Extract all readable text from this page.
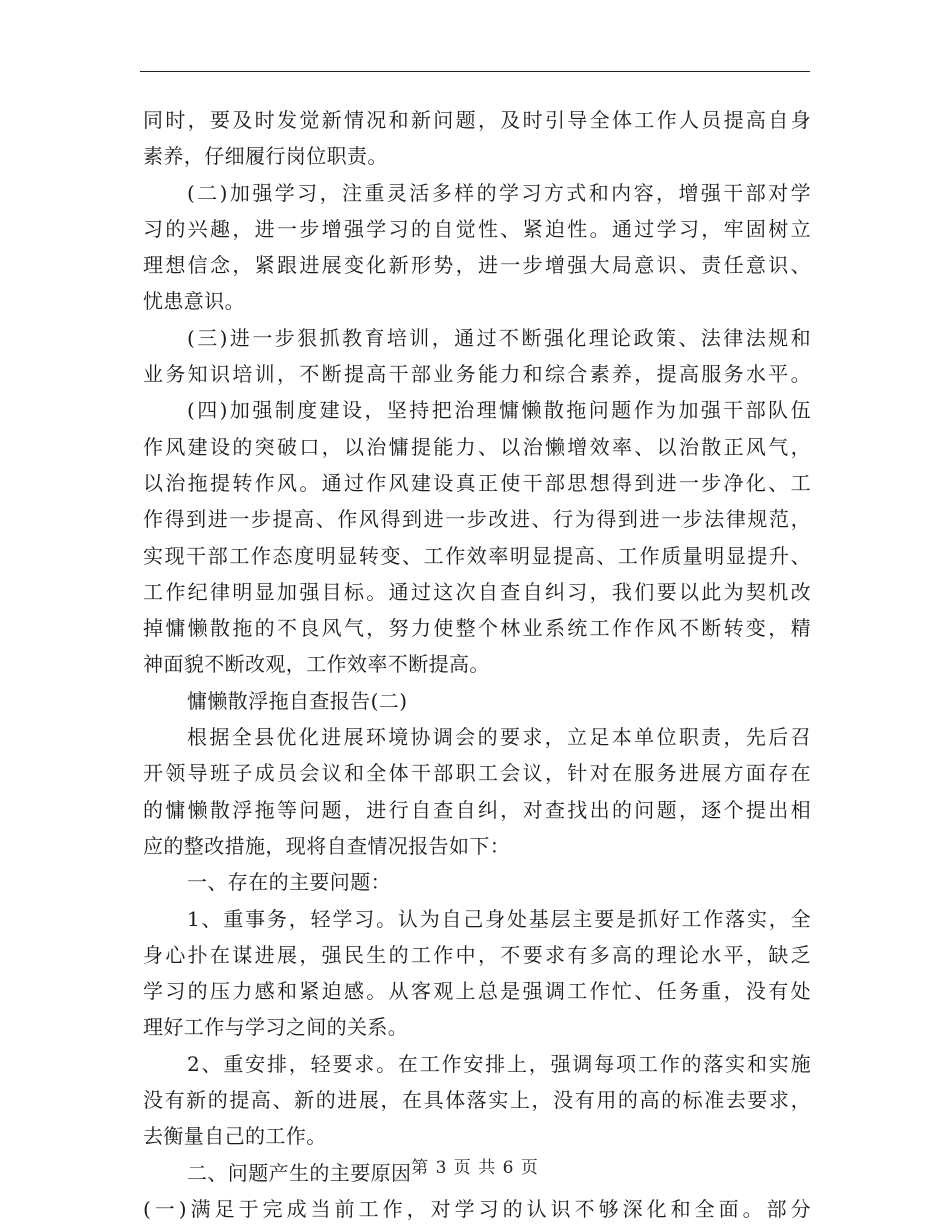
同时，要及时发觉新情况和新问题，及时引导全体工作人员提高自身
素养，仔细履行岗位职责。
(二)加强学习，注重灵活多样的学习方式和内容，增强干部对学
习的兴趣，进一步增强学习的自觉性、紧迫性。通过学习，牢固树立
理想信念，紧跟进展变化新形势，进一步增强大局意识、责任意识、
忧患意识。
(三)进一步狠抓教育培训，通过不断强化理论政策、法律法规和
业务知识培训，不断提高干部业务能力和综合素养，提高服务水平。
(四)加强制度建设，坚持把治理慵懒散拖问题作为加强干部队伍
作风建设的突破口，以治慵提能力、以治懒增效率、以治散正风气，
以治拖提转作风。通过作风建设真正使干部思想得到进一步净化、工
作得到进一步提高、作风得到进一步改进、行为得到进一步法律规范，
实现干部工作态度明显转变、工作效率明显提高、工作质量明显提升、
工作纪律明显加强目标。通过这次自查自纠习，我们要以此为契机改
掉慵懒散拖的不良风气，努力使整个林业系统工作作风不断转变，精
神面貌不断改观，工作效率不断提高。
慵懒散浮拖自查报告(二)
根据全县优化进展环境协调会的要求，立足本单位职责，先后召
开领导班子成员会议和全体干部职工会议，针对在服务进展方面存在
的慵懒散浮拖等问题，进行自查自纠，对查找出的问题，逐个提出相
应的整改措施，现将自查情况报告如下：
一、存在的主要问题：
1、重事务，轻学习。认为自己身处基层主要是抓好工作落实，全
身心扑在谋进展，强民生的工作中，不要求有多高的理论水平，缺乏
学习的压力感和紧迫感。从客观上总是强调工作忙、任务重，没有处
理好工作与学习之间的关系。
2、重安排，轻要求。在工作安排上，强调每项工作的落实和实施
没有新的提高、新的进展，在具体落实上，没有用的高的标准去要求，
去衡量自己的工作。
二、问题产生的主要原因
(一)满足于完成当前工作，对学习的认识不够深化和全面。部分
第 3 页 共 6 页
